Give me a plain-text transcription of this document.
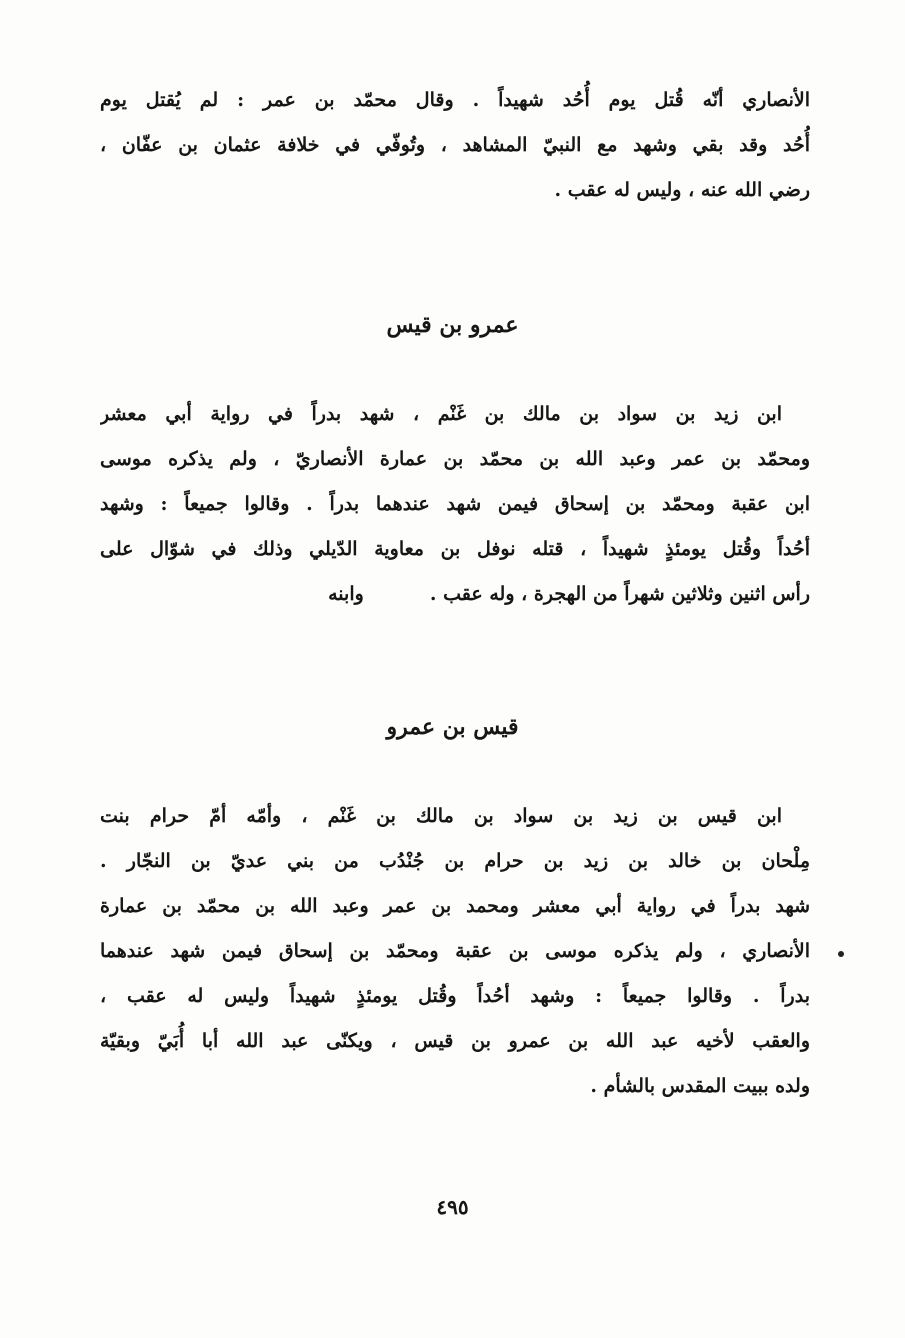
الأنصاري أنّه قُتل يوم أُحُد شهيداً . وقال محمّد بن عمر : لم يُقتل يوم
أُحُد وقد بقي وشهد مع النبيّ المشاهد ، وتُوفّي في خلافة عثمان بن عفّان ،
رضي الله عنه ، وليس له عقب .
عمرو بن قيس
ابن زيد بن سواد بن مالك بن غَنْم ، شهد بدراً في رواية أبي معشر
ومحمّد بن عمر وعبد الله بن محمّد بن عمارة الأنصاريّ ، ولم يذكره موسى
ابن عقبة ومحمّد بن إسحاق فيمن شهد عندهما بدراً . وقالوا جميعاً : وشهد
أحُداً وقُتل يومئذٍ شهيداً ، قتله نوفل بن معاوية الدّيلي وذلك في شوّال على
رأس اثنين وثلاثين شهراً من الهجرة ، وله عقب .          وابنه
قيس بن عمرو
ابن قيس بن زيد بن سواد بن مالك بن غَنْم ، وأمّه أمّ حرام بنت
مِلْحان بن خالد بن زيد بن حرام بن جُنْدُب من بني عديّ بن النجّار .
شهد بدراً في رواية أبي معشر ومحمد بن عمر وعبد الله بن محمّد بن عمارة
الأنصاري ، ولم يذكره موسى بن عقبة ومحمّد بن إسحاق فيمن شهد عندهما
بدراً . وقالوا جميعاً : وشهد أحُداً وقُتل يومئذٍ شهيداً وليس له عقب ،
والعقب لأخيه عبد الله بن عمرو بن قيس ، ويكنّى عبد الله أبا أُبَيّ وبقيّة
ولده ببيت المقدس بالشأم .
٤٩٥
